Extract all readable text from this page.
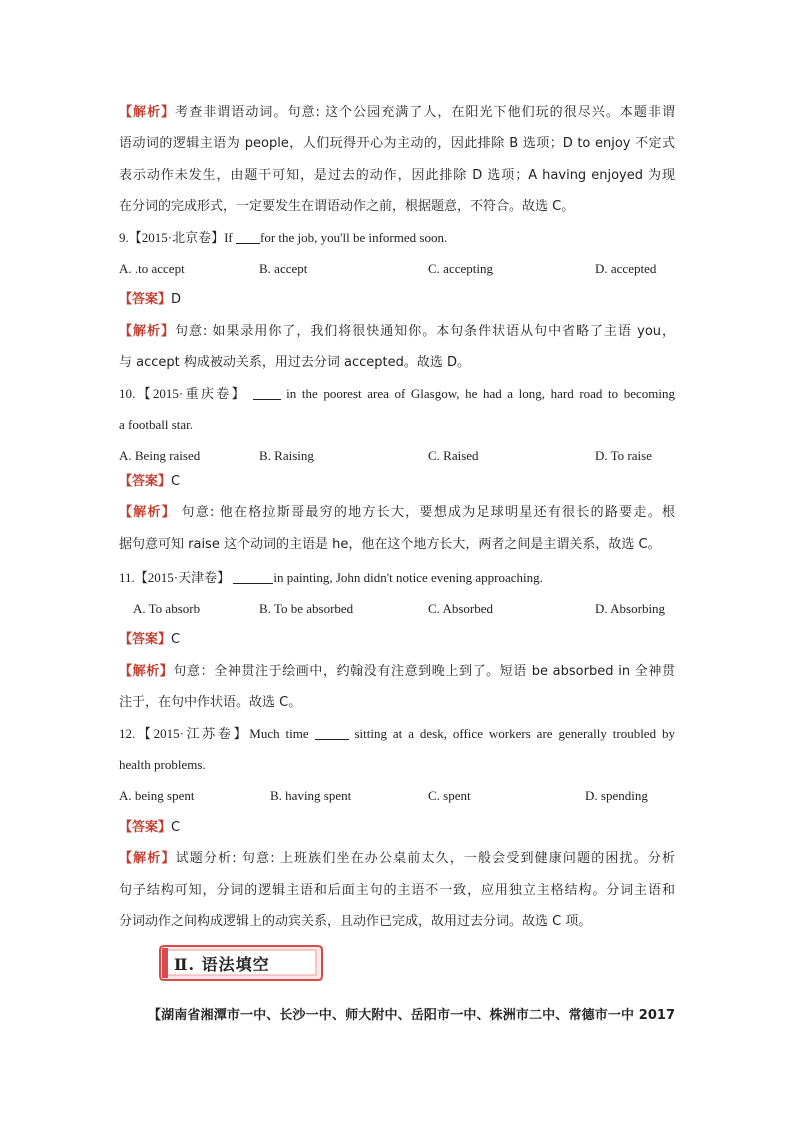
【解析】考查非谓语动词。句意: 这个公园充满了人，在阳光下他们玩的很尽兴。本题非谓
语动词的逻辑主语为 people，人们玩得开心为主动的，因此排除 B 选项；D to enjoy 不定式
表示动作未发生，由题干可知，是过去的动作，因此排除 D 选项；A having enjoyed 为现
在分词的完成形式，一定要发生在谓语动作之前，根据题意，不符合。故选 C。
9.【2015·北京卷】If for the job, you'll be informed soon.
A. .to accept	B. accept	C. accepting	D. accepted
【答案】D
【解析】句意: 如果录用你了，我们将很快通知你。本句条件状语从句中省略了主语 you，
与 accept 构成被动关系，用过去分词 accepted。故选 D。
10.【2015·重庆卷】  in the poorest area of Glasgow, he had a long, hard road to becoming
a football star.
A. Being raised	B. Raising	C. Raised	D. To raise
【答案】C
【解析】 句意: 他在格拉斯哥最穷的地方长大，要想成为足球明星还有很长的路要走。根
据句意可知 raise 这个动词的主语是 he，他在这个地方长大，两者之间是主谓关系，故选 C。
11.【2015·天津卷】	in painting, John didn't notice evening approaching.
A. To absorb	B. To be absorbed	C. Absorbed	D. Absorbing
【答案】C
【解析】句意：全神贯注于绘画中，约翰没有注意到晚上到了。短语 be absorbed in 全神贯
注于，在句中作状语。故选 C。
12.【2015·江苏卷】Much time	sitting at a desk, office workers are generally troubled by
health problems.
A. being spent	B. having spent	C. spent	D. spending
【答案】C
【解析】试题分析: 句意: 上班族们坐在办公桌前太久，一般会受到健康问题的困扰。分析
句子结构可知，分词的逻辑主语和后面主句的主语不一致，应用独立主格结构。分词主语和
分词动作之间构成逻辑上的动宾关系，且动作已完成，故用过去分词。故选 C 项。
Ⅱ. 语法填空
【湖南省湘潭市一中、长沙一中、师大附中、岳阳市一中、株洲市二中、常德市一中 2017
